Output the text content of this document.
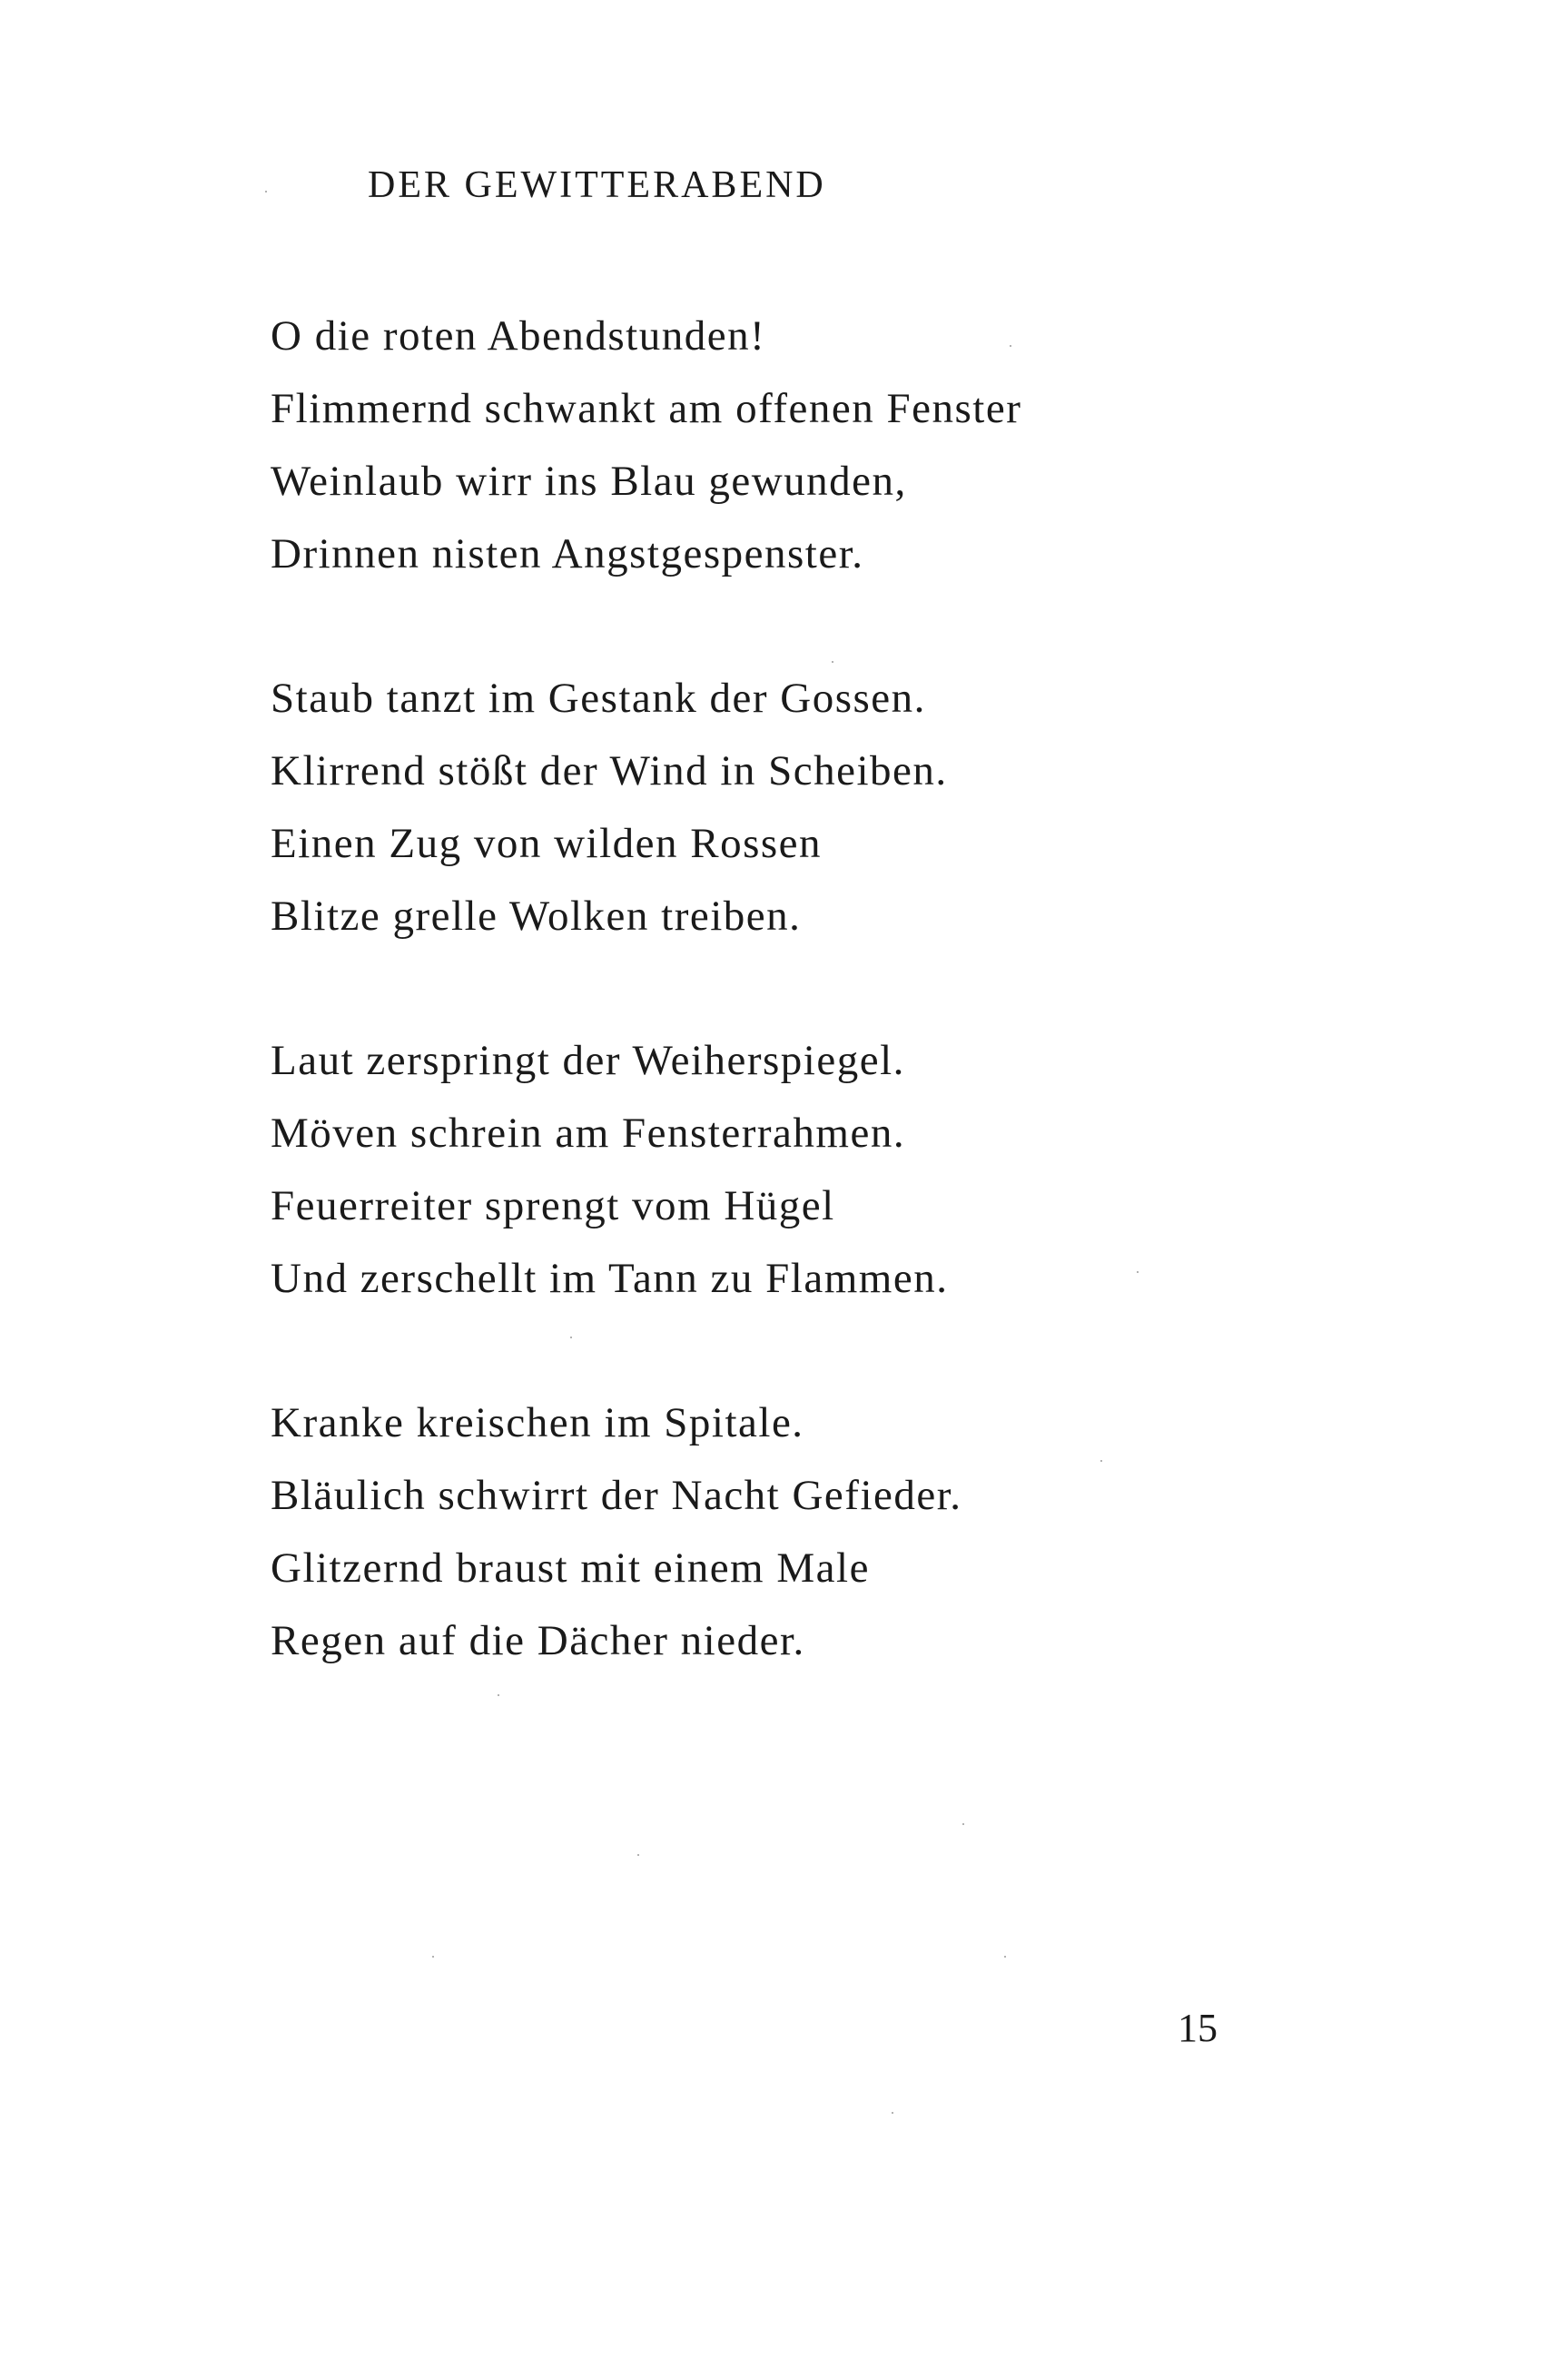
DER GEWITTERABEND
O die roten Abendstunden!
Flimmernd schwankt am offenen Fenster
Weinlaub wirr ins Blau gewunden,
Drinnen nisten Angstgespenster.
Staub tanzt im Gestank der Gossen.
Klirrend stößt der Wind in Scheiben.
Einen Zug von wilden Rossen
Blitze grelle Wolken treiben.
Laut zerspringt der Weiherspiegel.
Möven schrein am Fensterrahmen.
Feuerreiter sprengt vom Hügel
Und zerschellt im Tann zu Flammen.
Kranke kreischen im Spitale.
Bläulich schwirrt der Nacht Gefieder.
Glitzernd braust mit einem Male
Regen auf die Dächer nieder.
15
